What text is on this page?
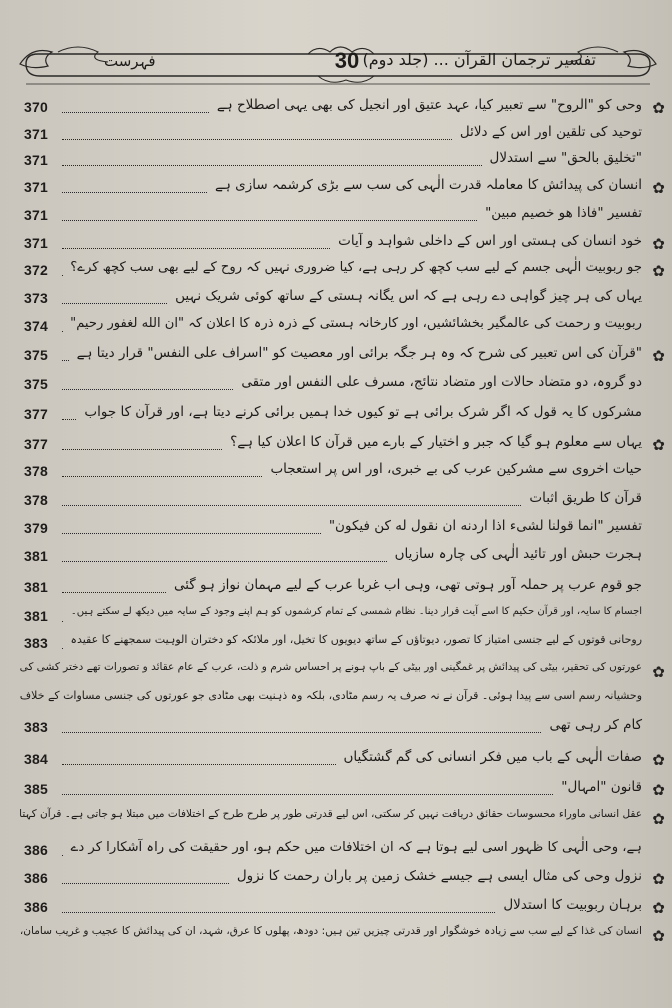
تفسیر ترجمان القرآن ... (جلد دوم)
30
فہرست
✿
وحی کو "الروح" سے تعبیر کیا، عہد عتیق اور انجیل کی بھی یہی اصطلاح ہے
370
توحید کی تلقین اور اس کے دلائل
371
"تخلیق بالحق" سے استدلال
371
✿
انسان کی پیدائش کا معاملہ قدرت الٰہی کی سب سے بڑی کرشمہ سازی ہے
371
تفسیر "فاذا هو خصيم مبين"
371
✿
خود انسان کی ہستی اور اس کے داخلی شواہد و آیات
371
✿
جو ربوبیت الٰہی جسم کے لیے سب کچھ کر رہی ہے، کیا ضروری نہیں کہ روح کے لیے بھی سب کچھ کرے؟
372
یہاں کی ہر چیز گواہی دے رہی ہے کہ اس یگانہ ہستی کے ساتھ کوئی شریک نہیں
373
ربوبیت و رحمت کی عالمگیر بخشائشیں، اور کارخانہ ہستی کے ذرہ ذرہ کا اعلان کہ "ان الله لغفور رحيم"
374
✿
"قرآن کی اس تعبیر کی شرح کہ وہ ہر جگہ برائی اور معصیت کو "اسراف علی النفس" قرار دیتا ہے
375
دو گروہ، دو متضاد حالات اور متضاد نتائج، مسرف علی النفس اور متقی
375
مشرکوں کا یہ قول کہ اگر شرک برائی ہے تو کیوں خدا ہمیں برائی کرنے دیتا ہے، اور قرآن کا جواب
377
✿
یہاں سے معلوم ہو گیا کہ جبر و اختیار کے بارے میں قرآن کا اعلان کیا ہے؟
377
حیات اخروی سے مشرکین عرب کی بے خبری، اور اس پر استعجاب
378
قرآن کا طریق اثبات
378
تفسیر "انما قولنا لشیء اذا اردنه ان نقول له کن فیکون"
379
ہجرت حبش اور تائید الٰہی کی چارہ سازیاں
381
جو قوم عرب پر حملہ آور ہوتی تھی، وہی اب غربا عرب کے لیے مہمان نواز ہو گئی
381
اجسام کا سایہ، اور قرآن حکیم کا اسے آیت قرار دینا۔ نظام شمسی کے تمام کرشموں کو ہم اپنے وجود کے سایہ میں دیکھ لے سکتے ہیں۔
381
روحانی قوتوں کے لیے جنسی امتیاز کا تصور، دیوتاؤں کے ساتھ دیویوں کا تخیل، اور ملائکہ کو دختران الوہیت سمجھنے کا عقیدہ
383
✿
عورتوں کی تحقیر، بیٹی کی پیدائش پر غمگینی اور بیٹی کے باپ ہونے پر احساس شرم و ذلت، عرب کے عام عقائد و تصورات تھے دختر کشی کی
وحشیانہ رسم اسی سے پیدا ہوئی۔ قرآن نے نہ صرف یہ رسم مٹادی، بلکہ وہ ذہنیت بھی مٹادی جو عورتوں کی جنسی مساوات کے خلاف
کام کر رہی تھی
383
✿
صفات الٰہی کے باب میں فکر انسانی کی گم گشتگیاں
384
✿
قانون "امہال"
385
✿
عقل انسانی ماوراء محسوسات حقائق دریافت نہیں کر سکتی، اس لیے قدرتی طور پر طرح طرح کے اختلافات میں مبتلا ہو جاتی ہے۔ قرآن کہتا
ہے، وحی الٰہی کا ظہور اسی لیے ہوتا ہے کہ ان اختلافات میں حکم ہو، اور حقیقت کی راہ آشکارا کر دے
386
✿
نزول وحی کی مثال ایسی ہے جیسے خشک زمین پر باران رحمت کا نزول
386
✿
برہان ربوبیت کا استدلال
386
✿
انسان کی غذا کے لیے سب سے زیادہ خوشگوار اور قدرتی چیزیں تین ہیں: دودھ، پھلوں کا عرق، شہد، ان کی پیدائش کا عجیب و غریب سامان،
